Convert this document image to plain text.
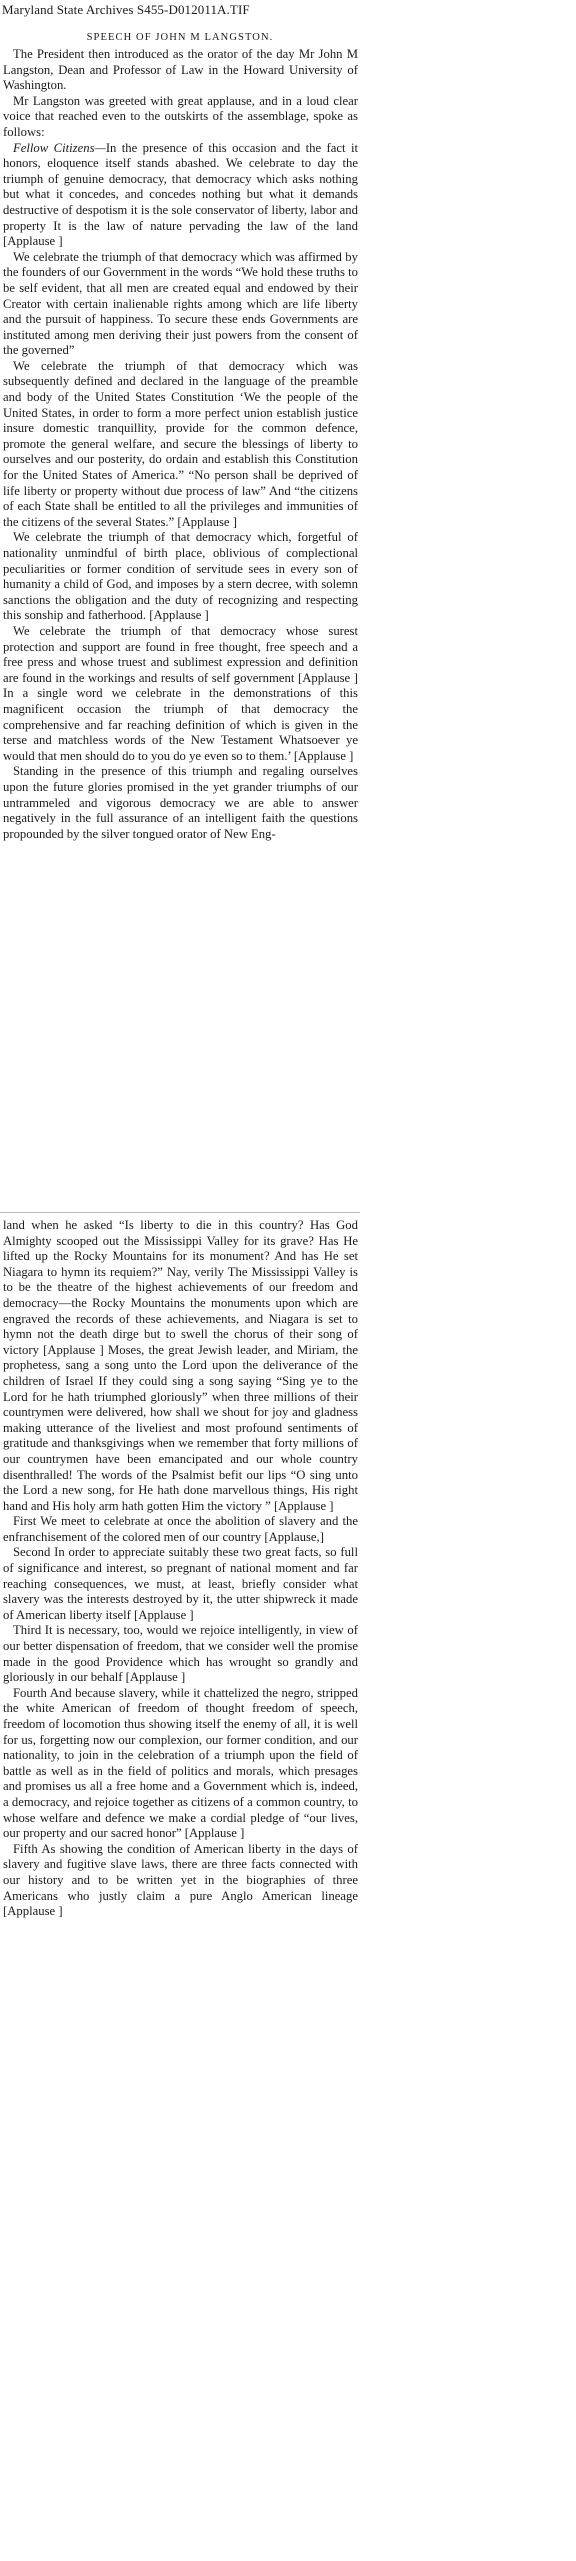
Maryland State Archives S455-D012011A.TIF
SPEECH OF JOHN M LANGSTON.

The President then introduced as the orator of the day Mr John M Langston, Dean and Professor of Law in the Howard University of Washington.

Mr Langston was greeted with great applause, and in a loud clear voice that reached even to the outskirts of the assemblage, spoke as follows:

Fellow Citizens—In the presence of this occasion and the fact it honors, eloquence itself stands abashed. We celebrate to day the triumph of genuine democracy, that democracy which asks nothing but what it concedes, and concedes nothing but what it demands destructive of despotism it is the sole conservator of liberty, labor and property It is the law of nature pervading the law of the land [Applause ]

We celebrate the triumph of that democracy which was affirmed by the founders of our Government in the words “We hold these truths to be self evident, that all men are created equal and endowed by their Creator with certain inalienable rights among which are life liberty and the pursuit of happiness. To secure these ends Governments are instituted among men deriving their just powers from the consent of the governed”

We celebrate the triumph of that democracy which was subsequently defined and declared in the language of the preamble and body of the United States Constitution ‘We the people of the United States, in order to form a more perfect union establish justice insure domestic tranquillity, provide for the common defence, promote the general welfare, and secure the blessings of liberty to ourselves and our posterity, do ordain and establish this Constitution for the United States of America.” “No person shall be deprived of life liberty or property without due process of law” And “the citizens of each State shall be entitled to all the privileges and immunities of the citizens of the several States.” [Applause ]

We celebrate the triumph of that democracy which, forgetful of nationality unmindful of birth place, oblivious of complectional peculiarities or former condition of servitude sees in every son of humanity a child of God, and imposes by a stern decree, with solemn sanctions the obligation and the duty of recognizing and respecting this sonship and fatherhood. [Applause ]

We celebrate the triumph of that democracy whose surest protection and support are found in free thought, free speech and a free press and whose truest and sublimest expression and definition are found in the workings and results of self government [Applause ] In a single word we celebrate in the demonstrations of this magnificent occasion the triumph of that democracy the comprehensive and far reaching definition of which is given in the terse and matchless words of the New Testament Whatsoever ye would that men should do to you do ye even so to them.’ [Applause ]

Standing in the presence of this triumph and regaling ourselves upon the future glories promised in the yet grander triumphs of our untrammeled and vigorous democracy we are able to answer negatively in the full assurance of an intelligent faith the questions propounded by the silver tongued orator of New Eng-

land when he asked “Is liberty to die in this country? Has God Almighty scooped out the Mississippi Valley for its grave? Has He lifted up the Rocky Mountains for its monument? And has He set Niagara to hymn its requiem?” Nay, verily The Mississippi Valley is to be the theatre of the highest achievements of our freedom and democracy—the Rocky Mountains the monuments upon which are engraved the records of these achievements, and Niagara is set to hymn not the death dirge but to swell the chorus of their song of victory [Applause ] Moses, the great Jewish leader, and Miriam, the prophetess, sang a song unto the Lord upon the deliverance of the children of Israel If they could sing a song saying “Sing ye to the Lord for he hath triumphed gloriously” when three millions of their countrymen were delivered, how shall we shout for joy and gladness making utterance of the liveliest and most profound sentiments of gratitude and thanksgivings when we remember that forty millions of our countrymen have been emancipated and our whole country disenthralled! The words of the Psalmist befit our lips “O sing unto the Lord a new song, for He hath done marvellous things, His right hand and His holy arm hath gotten Him the victory ” [Applause ]

First We meet to celebrate at once the abolition of slavery and the enfranchisement of the colored men of our country [Applause,]

Second In order to appreciate suitably these two great facts, so full of significance and interest, so pregnant of national moment and far reaching consequences, we must, at least, briefly consider what slavery was the interests destroyed by it, the utter shipwreck it made of American liberty itself [Applause ]

Third It is necessary, too, would we rejoice intelligently, in view of our better dispensation of freedom, that we consider well the promise made in the good Providence which has wrought so grandly and gloriously in our behalf [Applause ]

Fourth And because slavery, while it chattelized the negro, stripped the white American of freedom of thought freedom of speech, freedom of locomotion thus showing itself the enemy of all, it is well for us, forgetting now our complexion, our former condition, and our nationality, to join in the celebration of a triumph upon the field of battle as well as in the field of politics and morals, which presages and promises us all a free home and a Government which is, indeed, a democracy, and rejoice together as citizens of a common country, to whose welfare and defence we make a cordial pledge of “our lives, our property and our sacred honor” [Applause ]

Fifth As showing the condition of American liberty in the days of slavery and fugitive slave laws, there are three facts connected with our history and to be written yet in the biographies of three Americans who justly claim a pure Anglo American lineage [Applause ]
